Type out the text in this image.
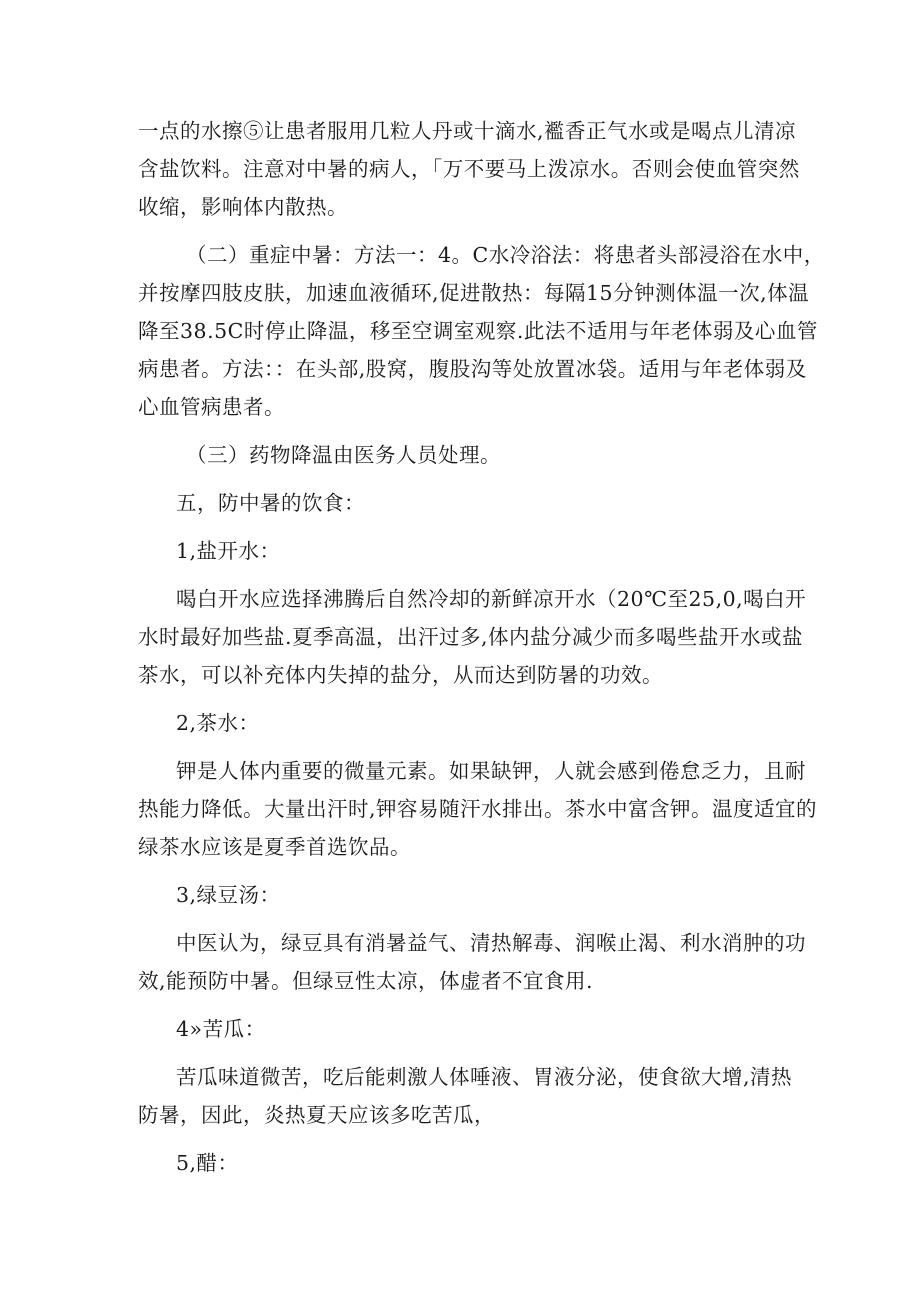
一点的水擦⑤让患者服用几粒人丹或十滴水,襤香正气水或是喝点儿清凉
含盐饮料。注意对中暑的病人，「万不要马上泼凉水。否则会使血管突然
收缩，影响体内散热。
（二）重症中暑：方法一：4。C水冷浴法：将患者头部浸浴在水中，
并按摩四肢皮肤，加速血液循环,促进散热：每隔15分钟测体温一次,体温
降至38.5C时停止降温，移至空调室观察.此法不适用与年老体弱及心血管
病患者。方法：：在头部,股窝，腹股沟等处放置冰袋。适用与年老体弱及
心血管病患者。
（三）药物降温由医务人员处理。
五，防中暑的饮食：
1,盐开水：
喝白开水应选择沸腾后自然冷却的新鲜凉开水（20℃至25,0,喝白开
水时最好加些盐.夏季高温，出汗过多,体内盐分减少而多喝些盐开水或盐
茶水，可以补充体内失掉的盐分，从而达到防暑的功效。
2,茶水：
钾是人体内重要的微量元素。如果缺钾，人就会感到倦怠乏力，且耐
热能力降低。大量出汗时,钾容易随汗水排出。茶水中富含钾。温度适宜的
绿茶水应该是夏季首选饮品。
3,绿豆汤：
中医认为，绿豆具有消暑益气、清热解毒、润喉止渴、利水消肿的功
效,能预防中暑。但绿豆性太凉，体虚者不宜食用.
4»苦瓜：
苦瓜味道微苦，吃后能刺激人体唾液、胃液分泌，使食欲大增,清热
防暑，因此，炎热夏天应该多吃苦瓜，
5,醋：
